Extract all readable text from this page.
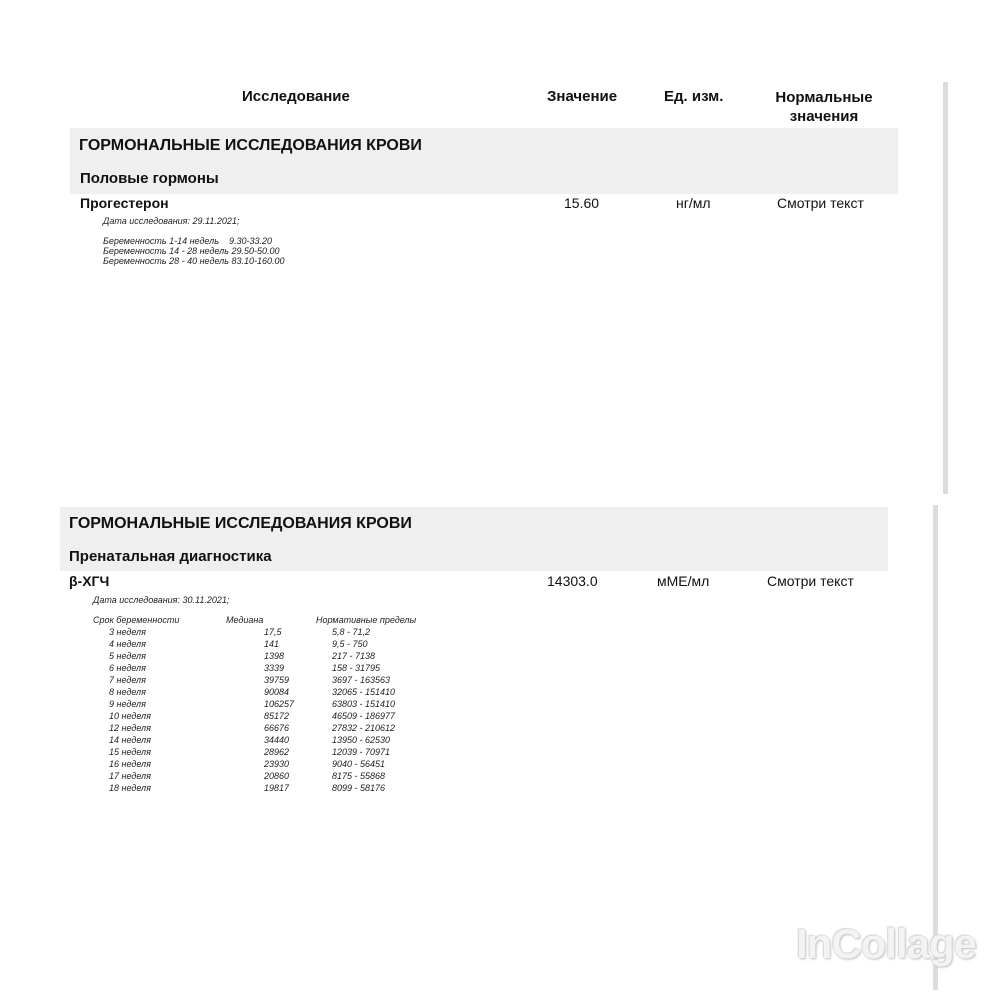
Исследование	Значение	Ед. изм.	Нормальные
значения
ГОРМОНАЛЬНЫЕ ИССЛЕДОВАНИЯ КРОВИ
Половые гормоны
Прогестерон	15.60	нг/мл	Смотри текст
Дата исследования: 29.11.2021;
Беременность 1-14 недель    9.30-33.20
Беременность 14 - 28 недель 29.50-50.00
Беременность 28 - 40 недель 83.10-160.00
ГОРМОНАЛЬНЫЕ ИССЛЕДОВАНИЯ КРОВИ
Пренатальная диагностика
β-ХГЧ	14303.0	мМЕ/мл	Смотри текст
Дата исследования: 30.11.2021;
Срок беременности	Медиана	Нормативные пределы
3 неделя	17,5	5,8 - 71,2
4 неделя	141	9,5 - 750
5 неделя	1398	217 - 7138
6 неделя	3339	158 - 31795
7 неделя	39759	3697 - 163563
8 неделя	90084	32065 - 151410
9 неделя	106257	63803 - 151410
10 неделя	85172	46509 - 186977
12 неделя	66676	27832 - 210612
14 неделя	34440	13950 - 62530
15 неделя	28962	12039 - 70971
16 неделя	23930	9040 - 56451
17 неделя	20860	8175 - 55868
18 неделя	19817	8099 - 58176
InCollage
